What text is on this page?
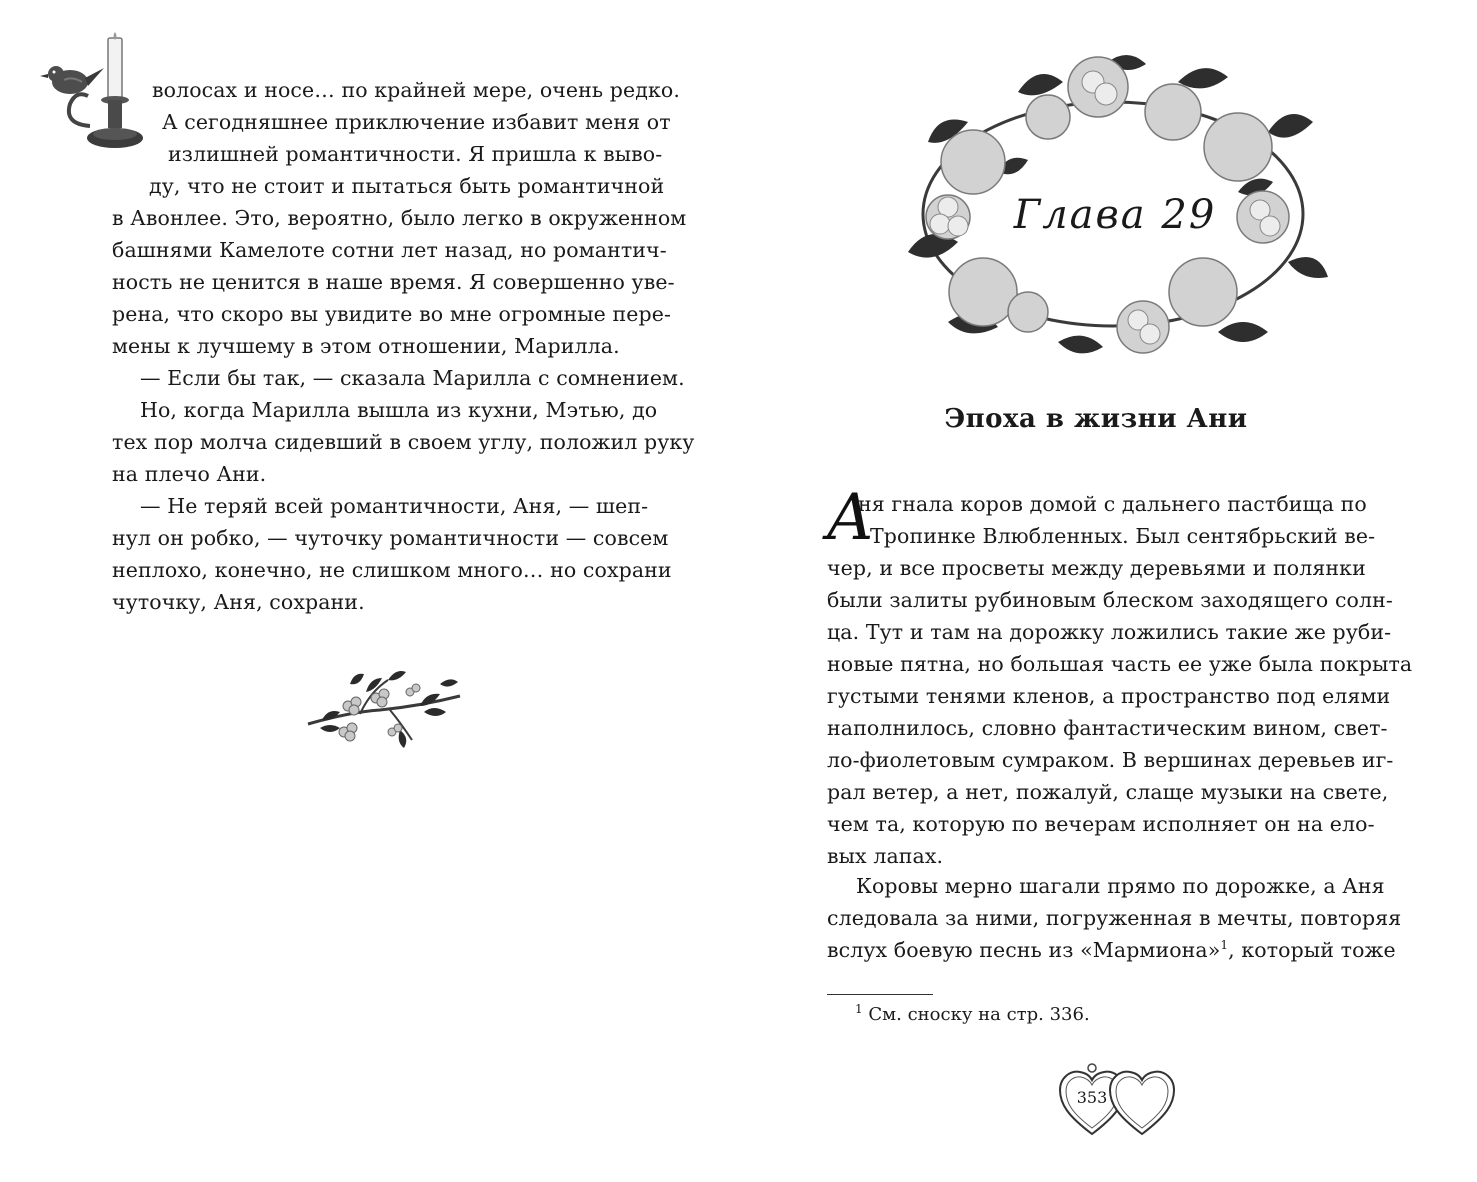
волосах и носе… по крайней мере, очень редко.
А сегодняшнее приключение избавит меня от
излишней романтичности. Я пришла к выво-
ду, что не стоит и пытаться быть романтичной
в Авонлее. Это, вероятно, было легко в окруженном
башнями Камелоте сотни лет назад, но романтич-
ность не ценится в наше время. Я совершенно уве-
рена, что скоро вы увидите во мне огромные пере-
мены к лучшему в этом отношении, Марилла.
— Если бы так, — сказала Марилла с сомнением.
Но, когда Марилла вышла из кухни, Мэтью, до
тех пор молча сидевший в своем углу, положил руку
на плечо Ани.
— Не теряй всей романтичности, Аня, — шеп-
нул он робко, — чуточку романтичности — совсем
неплохо, конечно, не слишком много… но сохрани
чуточку, Аня, сохрани.
Глава 29
Эпоха в жизни Ани
А
ня гнала коров домой с дальнего пастбища по
Тропинке Влюбленных. Был сентябрьский ве-
чер, и все просветы между деревьями и полянки
были залиты рубиновым блеском заходящего солн-
ца. Тут и там на дорожку ложились такие же руби-
новые пятна, но большая часть ее уже была покрыта
густыми тенями кленов, а пространство под елями
наполнилось, словно фантастическим вином, свет-
ло-фиолетовым сумраком. В вершинах деревьев иг-
рал ветер, а нет, пожалуй, слаще музыки на свете,
чем та, которую по вечерам исполняет он на ело-
вых лапах.
Коровы мерно шагали прямо по дорожке, а Аня
следовала за ними, погруженная в мечты, повторяя
вслух боевую песнь из «Мармиона»$^1$, который тоже
$^1$ См. сноску на стр. 336.
353
